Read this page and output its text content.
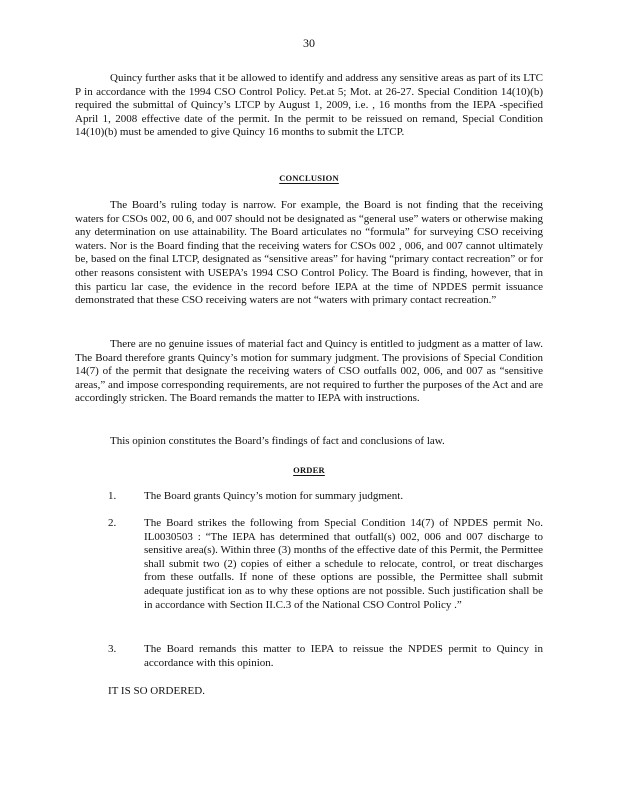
30

Quincy further asks that it be allowed to identify and address any sensitive areas as part of its LTC P in accordance with the 1994 CSO Control Policy. Pet.at 5; Mot. at 26-27. Special Condition 14(10)(b) required the submittal of Quincy’s LTCP by August 1, 2009, i.e. , 16 months from the IEPA -specified April 1, 2008 effective date of the permit. In the permit to be reissued on remand, Special Condition 14(10)(b) must be amended to give Quincy 16 months to submit the LTCP.

CONCLUSION

The Board’s ruling today is narrow. For example, the Board is not finding that the receiving waters for CSOs 002, 00 6, and 007 should not be designated as “general use” waters or otherwise making any determination on use attainability. The Board articulates no “formula” for surveying CSO receiving waters. Nor is the Board finding that the receiving waters for CSOs 002 , 006, and 007 cannot ultimately be, based on the final LTCP, designated as “sensitive areas” for having “primary contact recreation” or for other reasons consistent with USEPA’s 1994 CSO Control Policy. The Board is finding, however, that in this particu lar case, the evidence in the record before IEPA at the time of NPDES permit issuance demonstrated that these CSO receiving waters are not “waters with primary contact recreation.”

There are no genuine issues of material fact and Quincy is entitled to judgment as a matter of law. The Board therefore grants Quincy’s motion for summary judgment. The provisions of Special Condition 14(7) of the permit that designate the receiving waters of CSO outfalls 002, 006, and 007 as “sensitive areas,” and impose corresponding requirements, are not required to further the purposes of the Act and are accordingly stricken. The Board remands the matter to IEPA with instructions.

This opinion constitutes the Board’s findings of fact and conclusions of law.

ORDER
1.	The Board grants Quincy’s motion for summary judgment.
2.	The Board strikes the following from Special Condition 14(7) of NPDES permit No. IL0030503 : “The IEPA has determined that outfall(s) 002, 006 and 007 discharge to sensitive area(s). Within three (3) months of the effective date of this Permit, the Permittee shall submit two (2) copies of either a schedule to relocate, control, or treat discharges from these outfalls. If none of these options are possible, the Permittee shall submit adequate justificat ion as to why these options are not possible. Such justification shall be in accordance with Section II.C.3 of the National CSO Control Policy .”
3.	The Board remands this matter to IEPA to reissue the NPDES permit to Quincy in accordance with this opinion.
IT IS SO ORDERED.
